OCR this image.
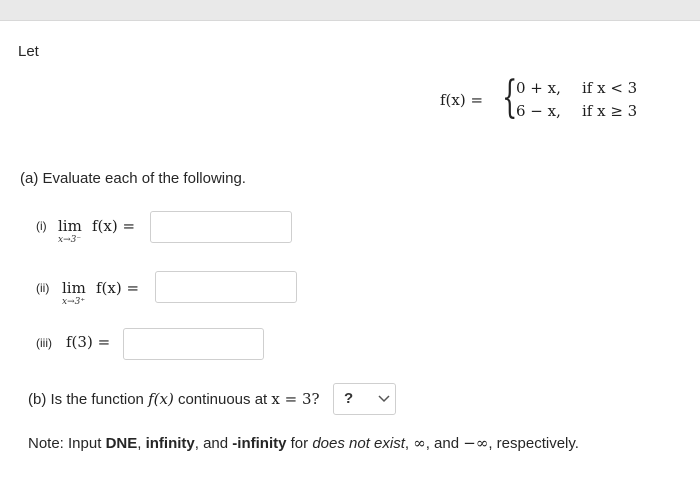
Let
f(x) = {
0 + x, if x < 3
6 − x, if x ≥ 3
(a) Evaluate each of the following.
(i) lim
x→3⁻
f(x) =
(ii) lim
x→3⁺
f(x) =
(iii) f(3) =
(b) Is the function f(x) continuous at x = 3? ?
Note: Input DNE, infinity, and -infinity for does not exist, ∞, and −∞, respectively.
